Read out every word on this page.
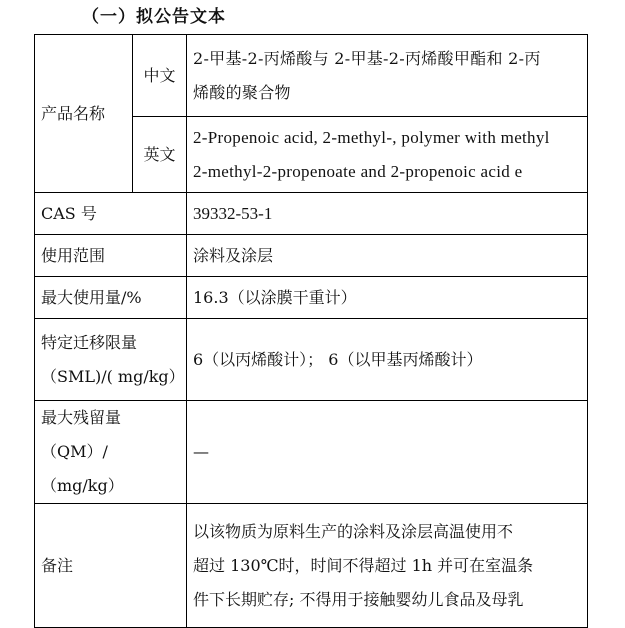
（一）拟公告文本
产品名称	中文	2-甲基-2-丙烯酸与 2-甲基-2-丙烯酸甲酯和 2-丙
烯酸的聚合物

	英文	2-Propenoic acid, 2-methyl-, polymer with methyl
2-methyl-2-propenoate and 2-propenoic acid e

CAS 号		39332-53-1
使用范围		涂料及涂层
最大使用量/%		16.3（以涂膜干重计）

特定迁移限量
（SML)/( mg/kg）		6（以丙烯酸计）； 6（以甲基丙烯酸计）

最大残留量
（QM）/（mg/kg）		—
备注		以该物质为原料生产的涂料及涂层高温使用不
超过 130℃时，时间不得超过 1h 并可在室温条
件下长期贮存; 不得用于接触婴幼儿食品及母乳
